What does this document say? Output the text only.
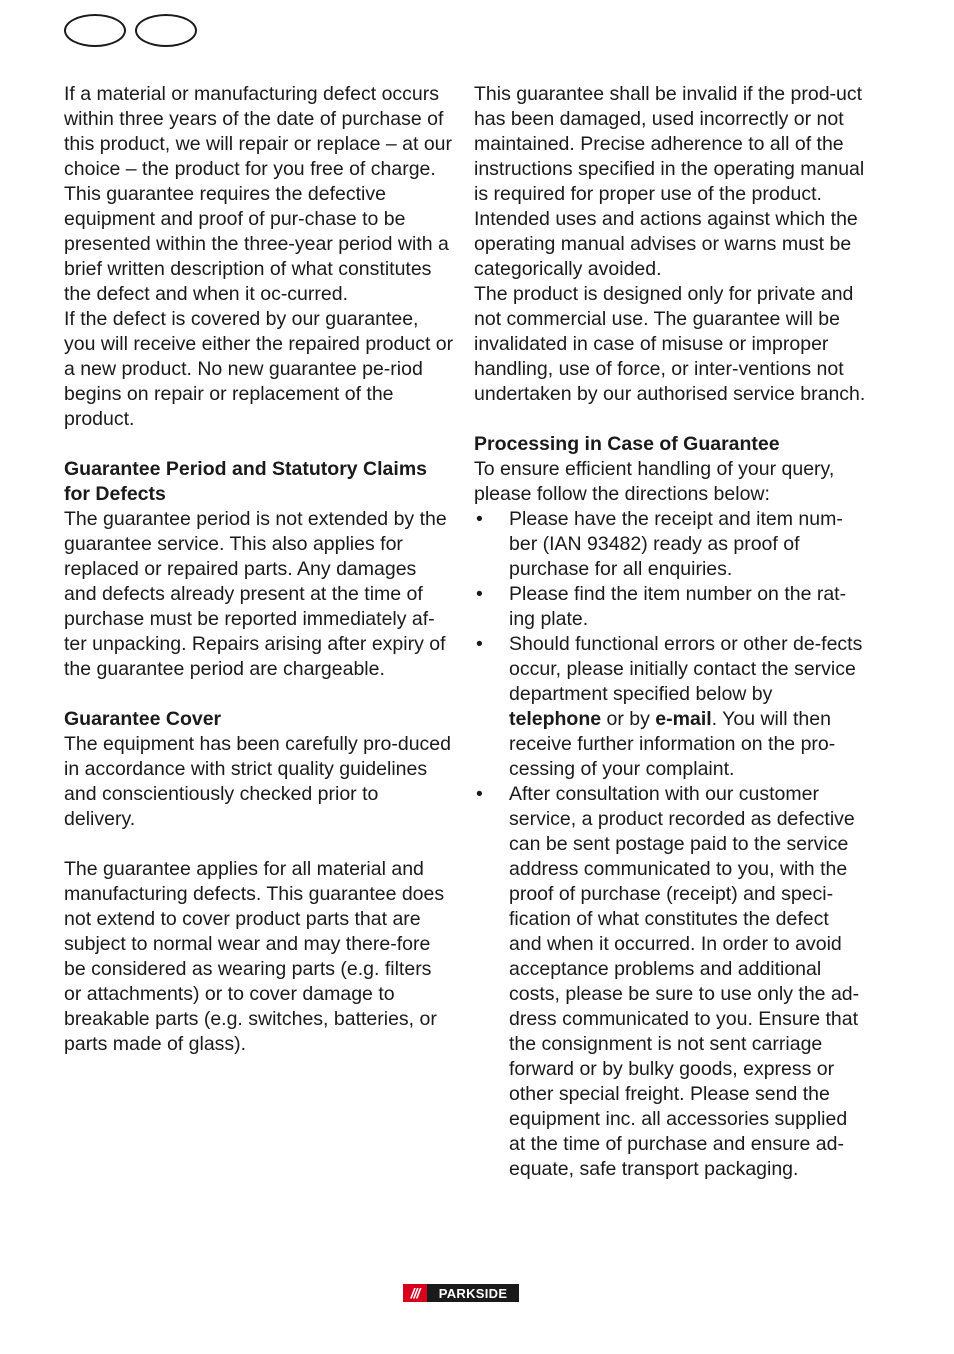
If a material or manufacturing defect occurs within three years of the date of purchase of this product, we will repair or replace – at our choice – the product for you free of charge. This guarantee requires the defective equipment and proof of pur-chase to be presented within the three-year period with a brief written description of what constitutes the defect and when it oc-curred.

If the defect is covered by our guarantee, you will receive either the repaired product or a new product. No new guarantee pe-riod begins on repair or replacement of the product.

Guarantee Period and Statutory Claims for Defects

The guarantee period is not extended by the guarantee service. This also applies for replaced or repaired parts. Any damages and defects already present at the time of purchase must be reported immediately af-ter unpacking. Repairs arising after expiry of the guarantee period are chargeable.

Guarantee Cover

The equipment has been carefully pro-duced in accordance with strict quality guidelines and conscientiously checked prior to delivery.

The guarantee applies for all material and manufacturing defects. This guarantee does not extend to cover product parts that are subject to normal wear and may there-fore be considered as wearing parts (e.g. filters or attachments) or to cover damage to breakable parts (e.g. switches, batteries, or parts made of glass).

This guarantee shall be invalid if the prod-uct has been damaged, used incorrectly or not maintained. Precise adherence to all of the instructions specified in the operating manual is required for proper use of the product. Intended uses and actions against which the operating manual advises or warns must be categorically avoided.

The product is designed only for private and not commercial use. The guarantee will be invalidated in case of misuse or improper handling, use of force, or inter-ventions not undertaken by our authorised service branch.

Processing in Case of Guarantee

To ensure efficient handling of your query, please follow the directions below:

• Please have the receipt and item num-ber (IAN 93482) ready as proof of purchase for all enquiries.
• Please find the item number on the rat-ing plate.
• Should functional errors or other de-fects occur, please initially contact the service department specified below by telephone or by e-mail. You will then receive further information on the pro-cessing of your complaint.
• After consultation with our customer service, a product recorded as defective can be sent postage paid to the service address communicated to you, with the proof of purchase (receipt) and speci-fication of what constitutes the defect and when it occurred. In order to avoid acceptance problems and additional costs, please be sure to use only the ad-dress communicated to you. Ensure that the consignment is not sent carriage forward or by bulky goods, express or other special freight. Please send the equipment inc. all accessories supplied at the time of purchase and ensure ad-equate, safe transport packaging.
///	PARKSIDE
